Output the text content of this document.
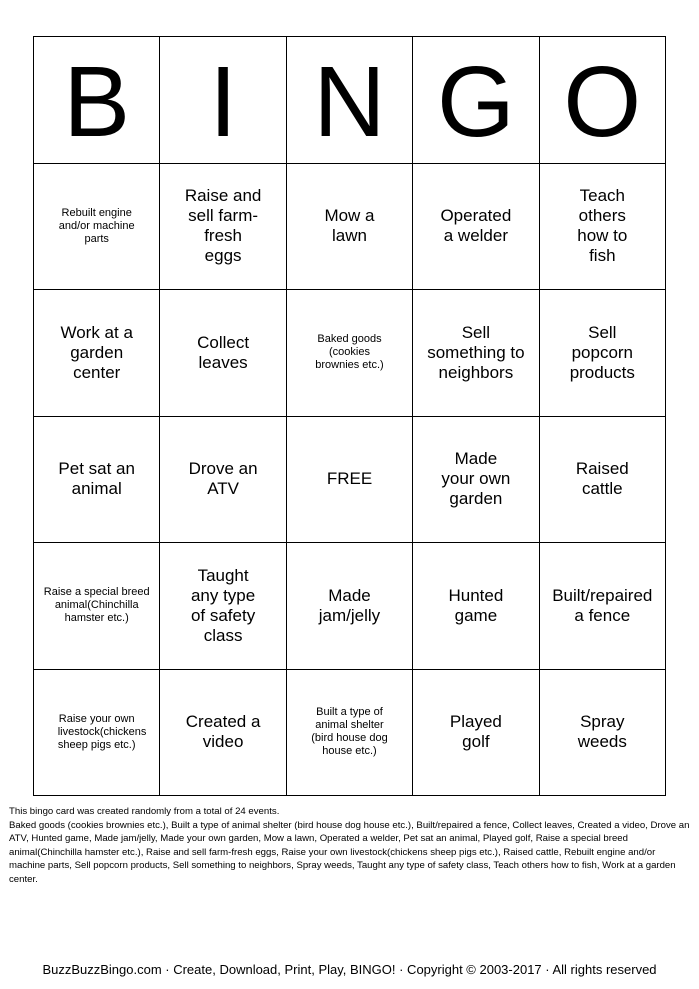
B I N G O
Rebuilt engine and/or machine parts
Raise and sell farm-fresh eggs
Mow a lawn
Operated a welder
Teach others how to fish
Work at a garden center
Collect leaves
Baked goods (cookies brownies etc.)
Sell something to neighbors
Sell popcorn products
Pet sat an animal
Drove an ATV
FREE
Made your own garden
Raised cattle
Raise a special breed animal(Chinchilla hamster etc.)
Taught any type of safety class
Made jam/jelly
Hunted game
Built/repaired a fence
Raise your own livestock(chickens sheep pigs etc.)
Created a video
Built a type of animal shelter (bird house dog house etc.)
Played golf
Spray weeds

This bingo card was created randomly from a total of 24 events.

Baked goods (cookies brownies etc.), Built a type of animal shelter (bird house dog house etc.), Built/repaired a fence, Collect leaves, Created a video, Drove an ATV, Hunted game, Made jam/jelly, Made your own garden, Mow a lawn, Operated a welder, Pet sat an animal, Played golf, Raise a special breed animal(Chinchilla hamster etc.), Raise and sell farm-fresh eggs, Raise your own livestock(chickens sheep pigs etc.), Raised cattle, Rebuilt engine and/or machine parts, Sell popcorn products, Sell something to neighbors, Spray weeds, Taught any type of safety class, Teach others how to fish, Work at a garden center.

BuzzBuzzBingo.com · Create, Download, Print, Play, BINGO! · Copyright © 2003-2017 · All rights reserved
